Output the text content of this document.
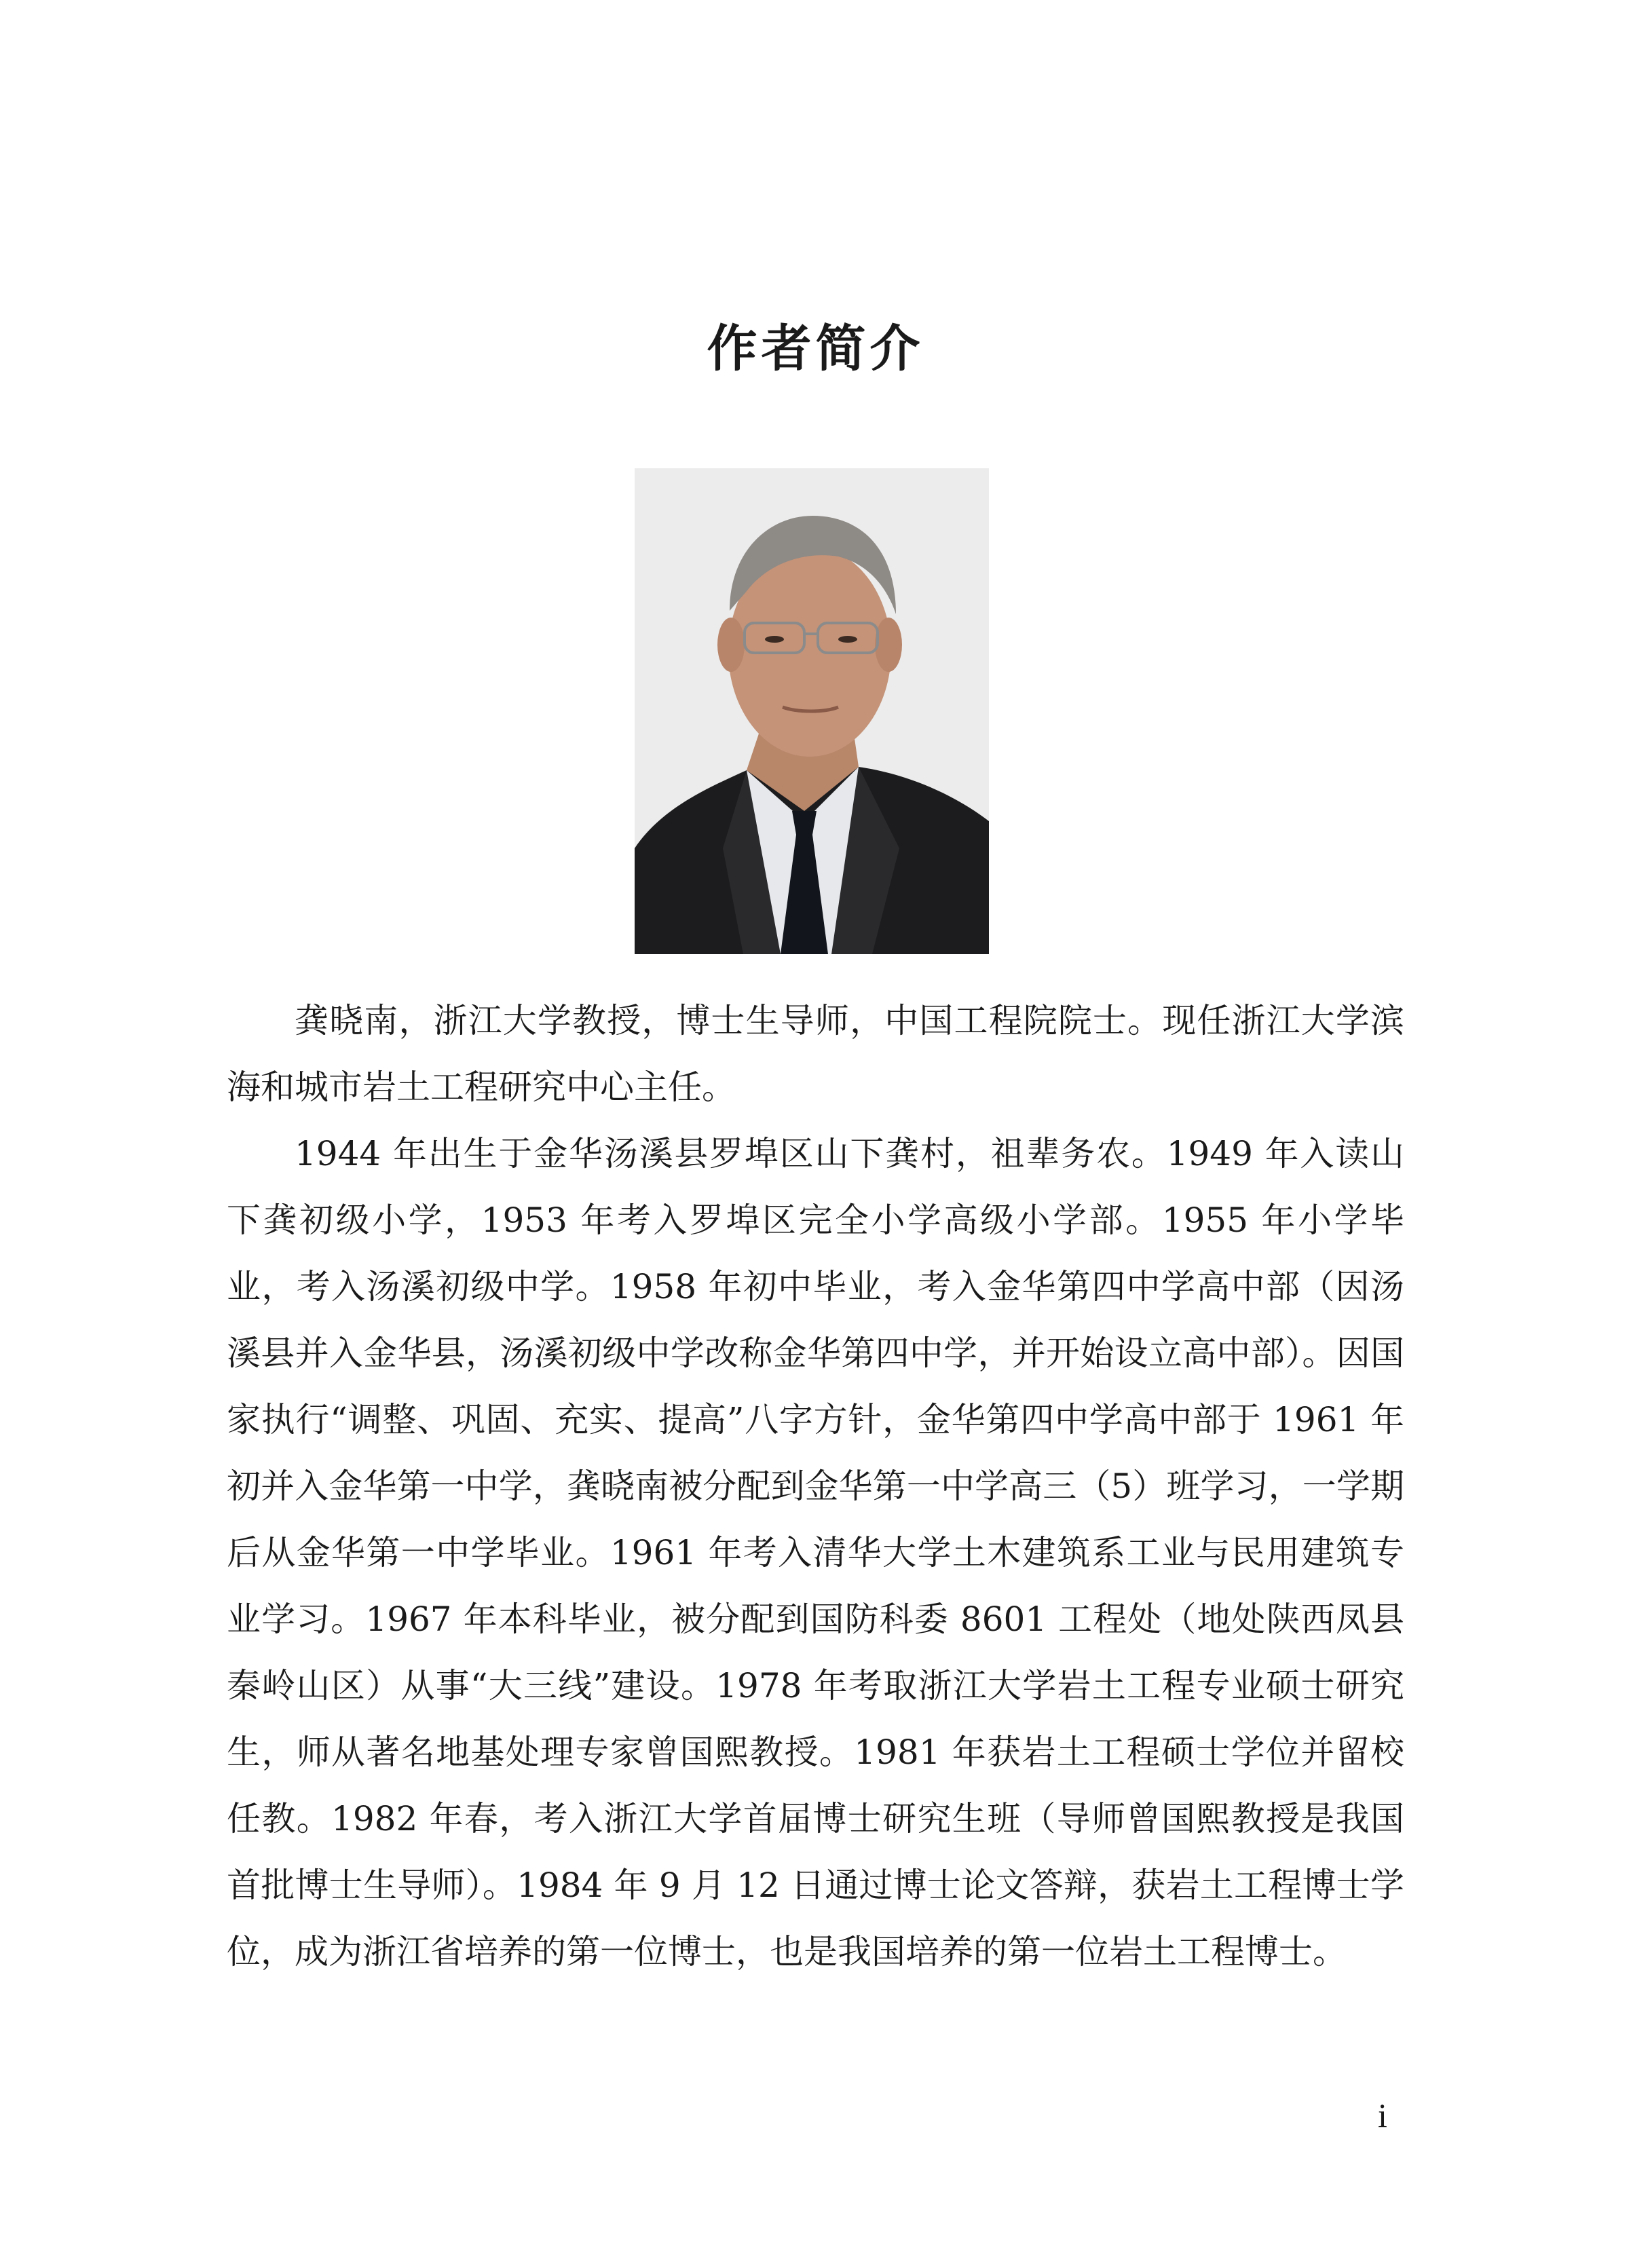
作者简介

龚晓南，浙江大学教授，博士生导师，中国工程院院士。现任浙江大学滨海和城市岩土工程研究中心主任。

1944 年出生于金华汤溪县罗埠区山下龚村，祖辈务农。1949 年入读山下龚初级小学，1953 年考入罗埠区完全小学高级小学部。1955 年小学毕业，考入汤溪初级中学。1958 年初中毕业，考入金华第四中学高中部（因汤溪县并入金华县，汤溪初级中学改称金华第四中学，并开始设立高中部）。因国家执行“调整、巩固、充实、提高”八字方针，金华第四中学高中部于 1961 年初并入金华第一中学，龚晓南被分配到金华第一中学高三（5）班学习，一学期后从金华第一中学毕业。1961 年考入清华大学土木建筑系工业与民用建筑专业学习。1967 年本科毕业，被分配到国防科委 8601 工程处（地处陕西凤县秦岭山区）从事“大三线”建设。1978 年考取浙江大学岩土工程专业硕士研究生，师从著名地基处理专家曾国熙教授。1981 年获岩土工程硕士学位并留校任教。1982 年春，考入浙江大学首届博士研究生班（导师曾国熙教授是我国首批博士生导师）。1984 年 9 月 12 日通过博士论文答辩，获岩土工程博士学位，成为浙江省培养的第一位博士，也是我国培养的第一位岩土工程博士。

i
